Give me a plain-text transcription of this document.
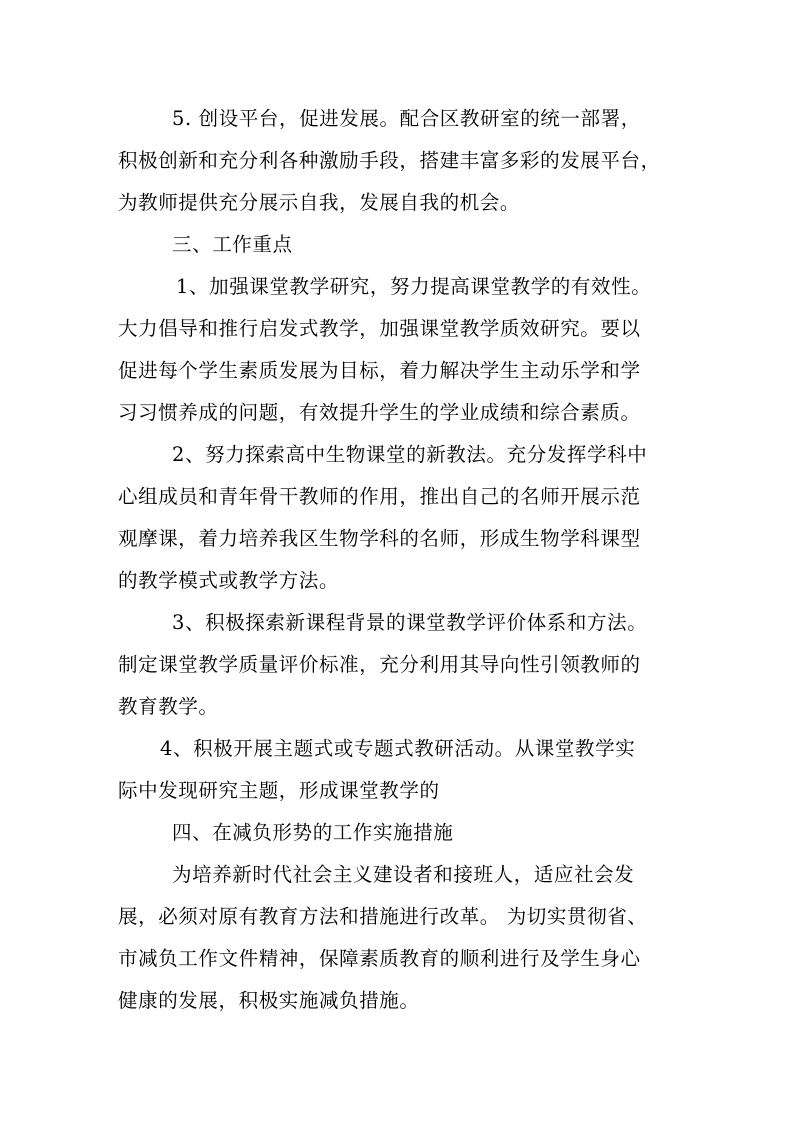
5. 创设平台，促进发展。配合区教研室的统一部署，
积极创新和充分利各种激励手段，搭建丰富多彩的发展平台，
为教师提供充分展示自我，发展自我的机会。
三、工作重点
1、加强课堂教学研究，努力提高课堂教学的有效性。
大力倡导和推行启发式教学，加强课堂教学质效研究。要以
促进每个学生素质发展为目标，着力解决学生主动乐学和学
习习惯养成的问题，有效提升学生的学业成绩和综合素质。
2、努力探索高中生物课堂的新教法。充分发挥学科中
心组成员和青年骨干教师的作用，推出自己的名师开展示范
观摩课，着力培养我区生物学科的名师，形成生物学科课型
的教学模式或教学方法。
3、积极探索新课程背景的课堂教学评价体系和方法。
制定课堂教学质量评价标准，充分利用其导向性引领教师的
教育教学。
4、积极开展主题式或专题式教研活动。从课堂教学实
际中发现研究主题，形成课堂教学的
四、在减负形势的工作实施措施
为培养新时代社会主义建设者和接班人，适应社会发
展，必须对原有教育方法和措施进行改革。 为切实贯彻省、
市减负工作文件精神，保障素质教育的顺利进行及学生身心
健康的发展，积极实施减负措施。
